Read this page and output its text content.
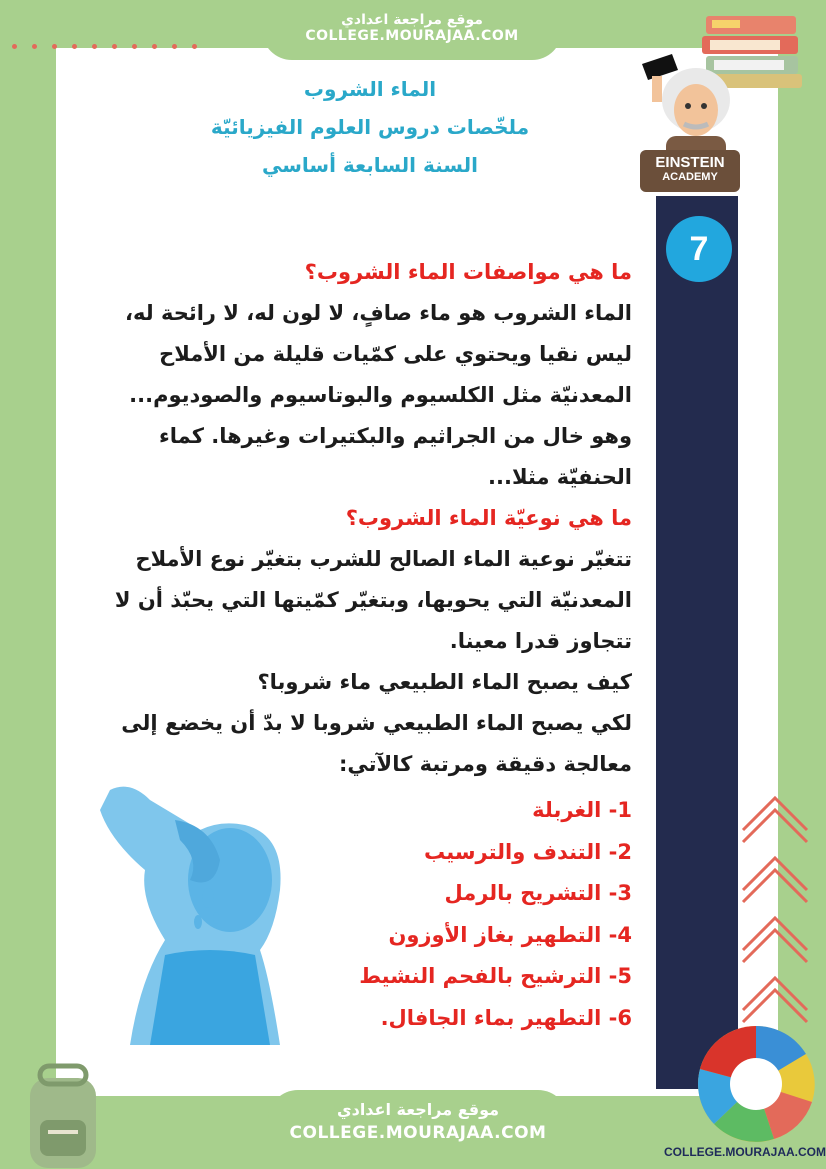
موقع مراجعة اعدادي
COLLEGE.MOURAJAA.COM
الماء الشروب
ملخّصات دروس العلوم الفيزيائيّة
السنة السابعة أساسي	EINSTEIN
ACADEMY
7
ما هي مواصفات الماء الشروب؟
الماء الشروب هو ماء صافٍ، لا لون له، لا رائحة له، ليس نقيا ويحتوي على كمّيات قليلة من الأملاح المعدنيّة مثل الكلسيوم والبوتاسيوم والصوديوم... وهو خال من الجراثيم والبكتيرات وغيرها. كماء الحنفيّة مثلا...
ما هي نوعيّة الماء الشروب؟
تتغيّر نوعية الماء الصالح للشرب بتغيّر نوع الأملاح المعدنيّة التي يحويها، وبتغيّر كمّيتها التي يحبّذ أن لا تتجاوز قدرا معينا.
كيف يصبح الماء الطبيعي ماء شروبا؟
لكي يصبح الماء الطبيعي شروبا لا بدّ أن يخضع إلى معالجة دقيقة ومرتبة كالآتي:
1- الغربلة
2- التندف والترسيب
3- التشريح بالرمل
4- التطهير بغاز الأوزون
5- الترشيح بالفحم النشيط
6- التطهير بماء الجافال.
COLLEGE.MOURAJAA.COM
موقع مراجعة اعدادي
COLLEGE.MOURAJAA.COM
